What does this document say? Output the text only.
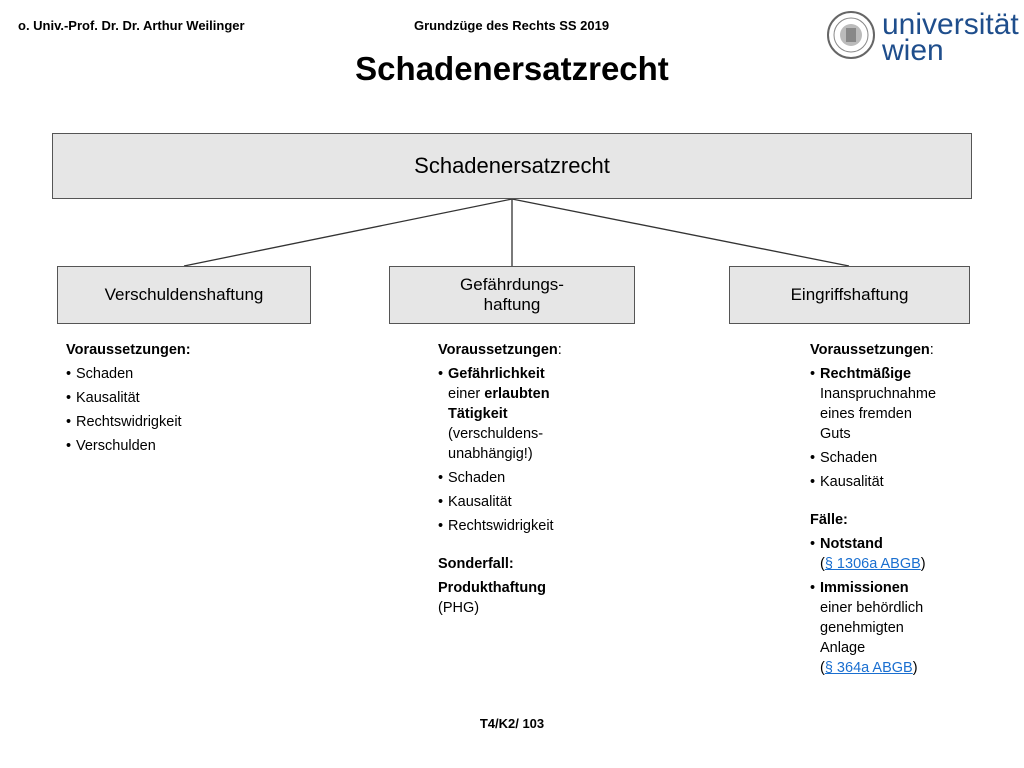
o. Univ.-Prof. Dr. Dr. Arthur Weilinger	Grundzüge des Rechts SS 2019	universität
wien
Schadenersatzrecht
Schadenersatzrecht
Verschuldenshaftung
Gefährdungs-
haftung
Eingriffshaftung
Voraussetzungen:
• Schaden
• Kausalität
• Rechtswidrigkeit
• Verschulden
Voraussetzungen:
• Gefährlichkeit
einer erlaubten
Tätigkeit
(verschuldens-
unabhängig!)
• Schaden
• Kausalität
• Rechtswidrigkeit
Sonderfall:
Produkthaftung
(PHG)
Voraussetzungen:
• Rechtmäßige
Inanspruchnahme
eines fremden
Guts
• Schaden
• Kausalität
Fälle:
• Notstand
(§ 1306a ABGB)
• Immissionen
einer behördlich
genehmigten
Anlage
(§ 364a ABGB)
T4/K2/ 103
